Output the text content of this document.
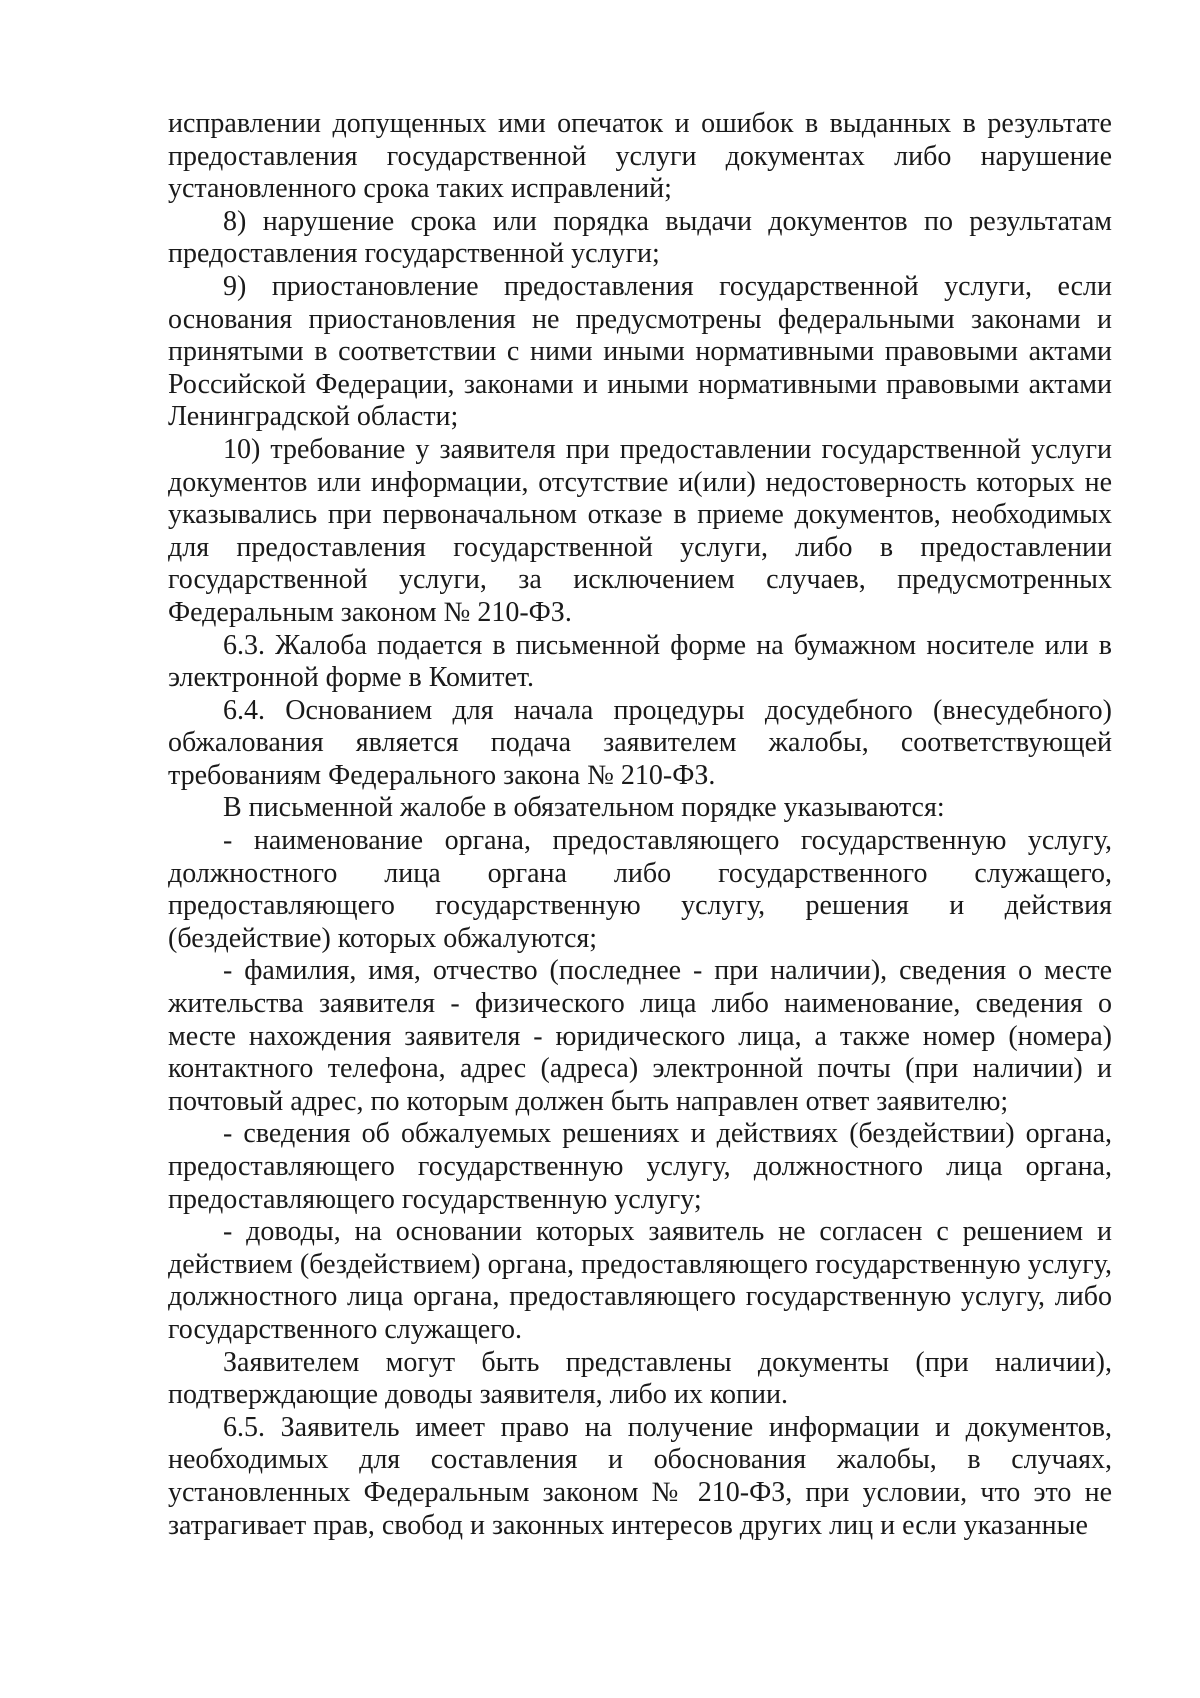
исправлении допущенных ими опечаток и ошибок в выданных в результате предоставления государственной услуги документах либо нарушение установленного срока таких исправлений;

8) нарушение срока или порядка выдачи документов по результатам предоставления государственной услуги;

9) приостановление предоставления государственной услуги, если основания приостановления не предусмотрены федеральными законами и принятыми в соответствии с ними иными нормативными правовыми актами Российской Федерации, законами и иными нормативными правовыми актами Ленинградской области;

10) требование у заявителя при предоставлении государственной услуги документов или информации, отсутствие и(или) недостоверность которых не указывались при первоначальном отказе в приеме документов, необходимых для предоставления государственной услуги, либо в предоставлении государственной услуги, за исключением случаев, предусмотренных Федеральным законом № 210-ФЗ.

6.3. Жалоба подается в письменной форме на бумажном носителе или в электронной форме в Комитет.

6.4. Основанием для начала процедуры досудебного (внесудебного) обжалования является подача заявителем жалобы, соответствующей требованиям Федерального закона № 210-ФЗ.

В письменной жалобе в обязательном порядке указываются:

- наименование органа, предоставляющего государственную услугу, должностного лица органа либо государственного служащего, предоставляющего государственную услугу, решения и действия (бездействие) которых обжалуются;

- фамилия, имя, отчество (последнее - при наличии), сведения о месте жительства заявителя - физического лица либо наименование, сведения о месте нахождения заявителя - юридического лица, а также номер (номера) контактного телефона, адрес (адреса) электронной почты (при наличии) и почтовый адрес, по которым должен быть направлен ответ заявителю;

- сведения об обжалуемых решениях и действиях (бездействии) органа, предоставляющего государственную услугу, должностного лица органа, предоставляющего государственную услугу;

- доводы, на основании которых заявитель не согласен с решением и действием (бездействием) органа, предоставляющего государственную услугу, должностного лица органа, предоставляющего государственную услугу, либо государственного служащего.

Заявителем могут быть представлены документы (при наличии), подтверждающие доводы заявителя, либо их копии.

6.5. Заявитель имеет право на получение информации и документов, необходимых для составления и обоснования жалобы, в случаях, установленных Федеральным законом № 210-ФЗ, при условии, что это не затрагивает прав, свобод и законных интересов других лиц и если указанные
